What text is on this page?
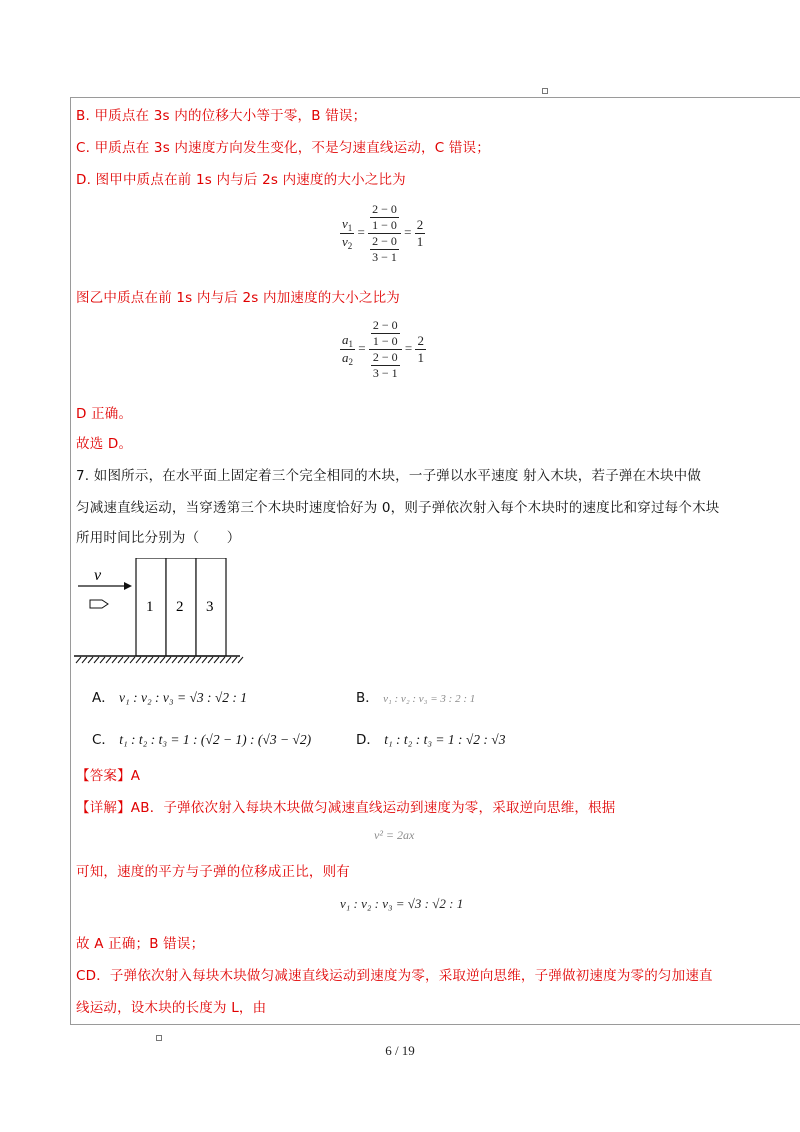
B. 甲质点在 3s 内的位移大小等于零，B 错误；
C. 甲质点在 3s 内速度方向发生变化，不是匀速直线运动，C 错误；
D. 图甲中质点在前 1s 内与后 2s 内速度的大小之比为
$\frac{v_1}{v_2} = \frac{\frac{2 - 0}{1 - 0}}{\frac{2 - 0}{3 - 1}} = \frac{2}{1}$
图乙中质点在前 1s 内与后 2s 内加速度的大小之比为
$\frac{a_1}{a_2} = \frac{\frac{2 - 0}{1 - 0}}{\frac{2 - 0}{3 - 1}} = \frac{2}{1}$
D 正确。
故选 D。
7. 如图所示，在水平面上固定着三个完全相同的木块，一子弹以水平速度 射入木块，若子弹在木块中做
匀减速直线运动，当穿透第三个木块时速度恰好为 0，则子弹依次射入每个木块时的速度比和穿过每个木块
所用时间比分别为（　　）
v
1 2 3
A． v₁ : v₂ : v₃ = √3 : √2 : 1	B． v₁ : v₂ : v₃ = 3 : 2 : 1
C． t₁ : t₂ : t₃ = 1 : (√2 − 1) : (√3 − √2)	D． t₁ : t₂ : t₃ = 1 : √2 : √3
【答案】A
【详解】AB．子弹依次射入每块木块做匀减速直线运动到速度为零，采取逆向思维，根据
v² = 2ax
可知，速度的平方与子弹的位移成正比，则有
v₁ : v₂ : v₃ = √3 : √2 : 1
故 A 正确；B 错误；
CD．子弹依次射入每块木块做匀减速直线运动到速度为零，采取逆向思维，子弹做初速度为零的匀加速直
线运动，设木块的长度为 L，由
6 / 19
